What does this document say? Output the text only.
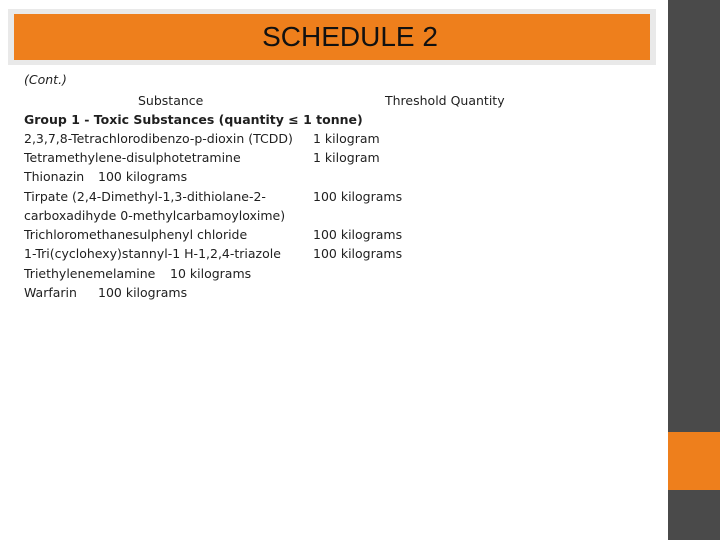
SCHEDULE 2
(Cont.)
Substance	Threshold Quantity
Group 1 - Toxic Substances (quantity ≤ 1 tonne)
2,3,7,8-Tetrachlorodibenzo-p-dioxin (TCDD) 1 kilogram
Tetramethylene-disulphotetramine	1 kilogram
Thionazin 100 kilograms
Tirpate (2,4-Dimethyl-1,3-dithiolane-2-
carboxadihyde 0-methylcarbamoyloxime)
100 kilograms
Trichloromethanesulphenyl chloride	100 kilograms
1-Tri(cyclohexy)stannyl-1 H-1,2,4-triazole	100 kilograms
Triethylenemelamine 10 kilograms
Warfarin 100 kilograms
